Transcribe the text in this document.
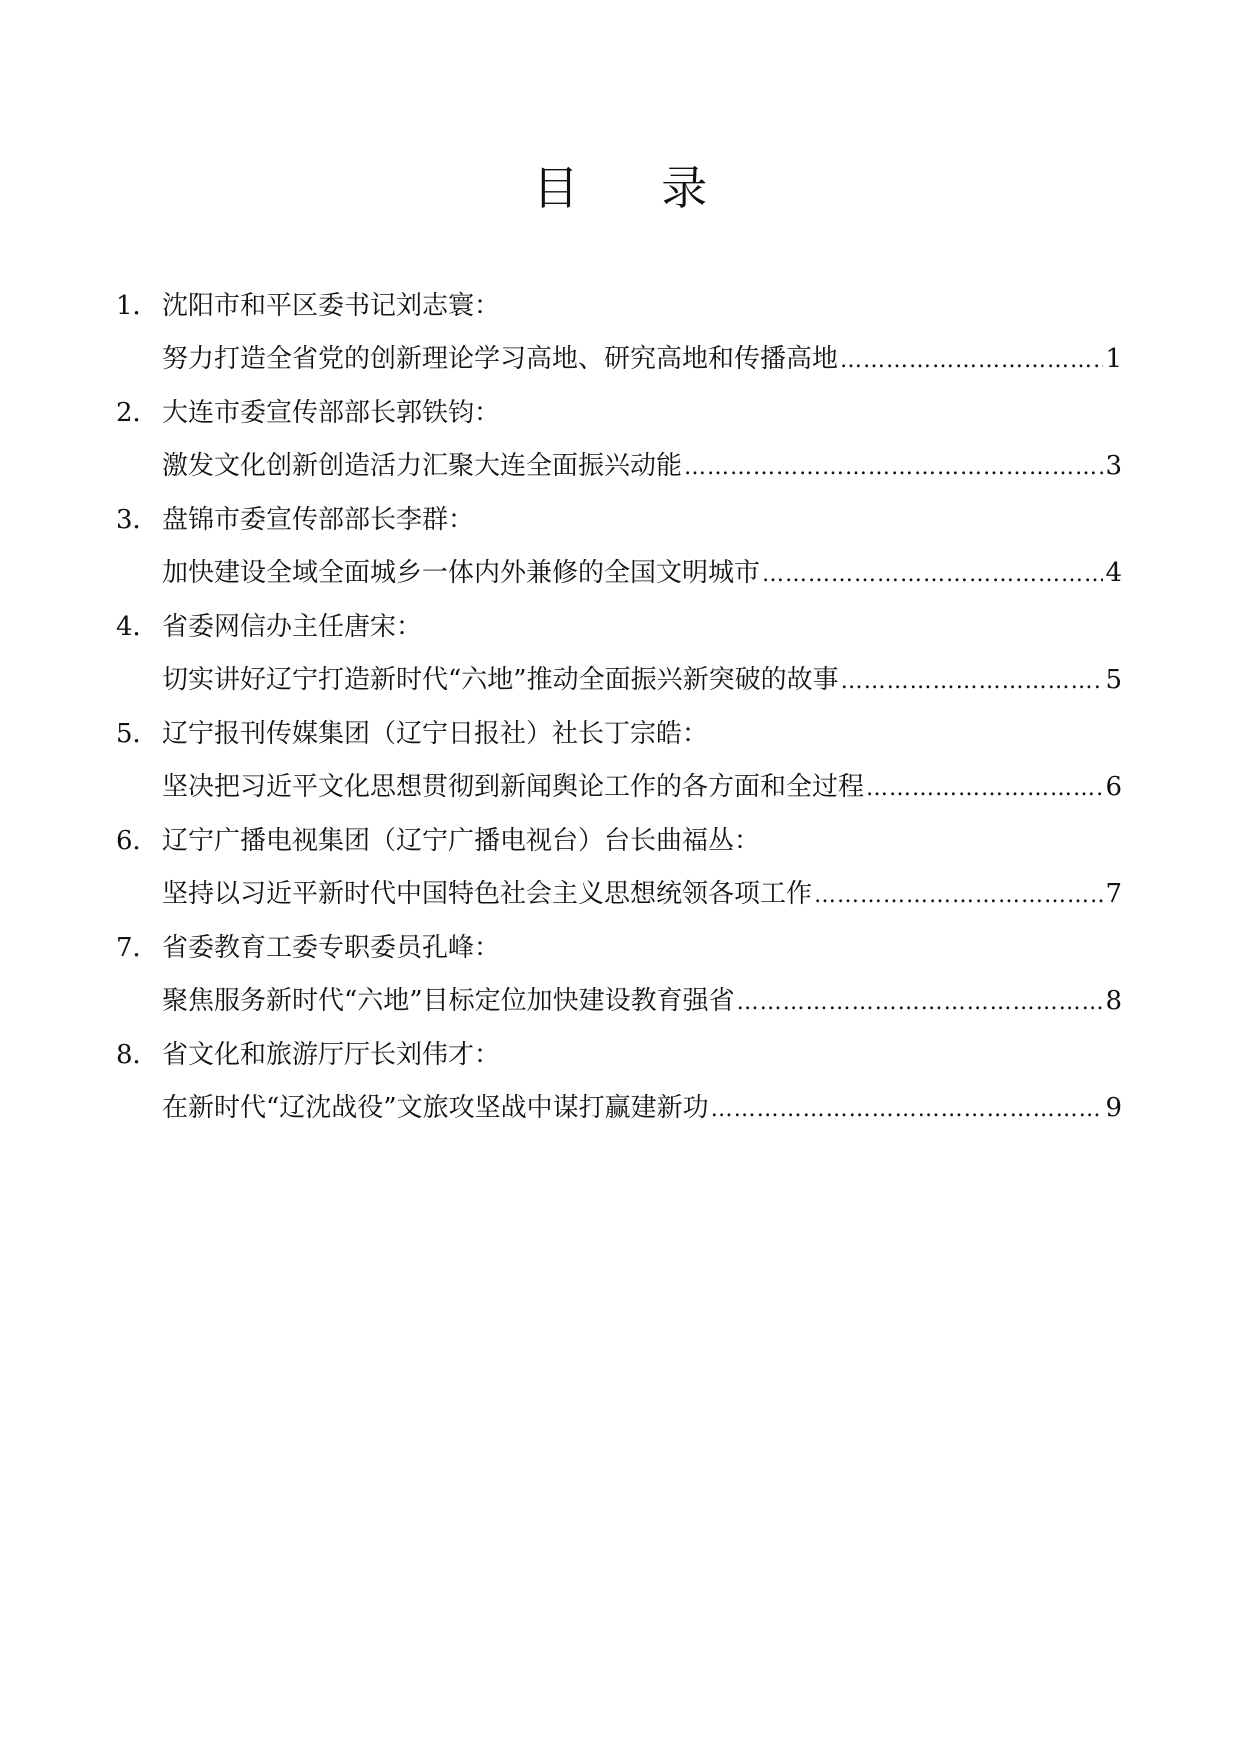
目 录
1． 沈阳市和平区委书记刘志寰：
努力打造全省党的创新理论学习高地、研究高地和传播高地 ……………………………………………………………………………………………………………………………………………………	1
2． 大连市委宣传部部长郭铁钧：
激发文化创新创造活力汇聚大连全面振兴动能 ……………………………………………………………………………………………………………………………………………………	3
3． 盘锦市委宣传部部长李群：
加快建设全域全面城乡一体内外兼修的全国文明城市 ……………………………………………………………………………………………………………………………………………………	4
4． 省委网信办主任唐宋：
切实讲好辽宁打造新时代“六地”推动全面振兴新突破的故事 ……………………………………………………………………………………………………………………………………………………	5
5． 辽宁报刊传媒集团（辽宁日报社）社长丁宗皓：
坚决把习近平文化思想贯彻到新闻舆论工作的各方面和全过程 ……………………………………………………………………………………………………………………………………………………	6
6． 辽宁广播电视集团（辽宁广播电视台）台长曲福丛：
坚持以习近平新时代中国特色社会主义思想统领各项工作 ……………………………………………………………………………………………………………………………………………………	7
7． 省委教育工委专职委员孔峰：
聚焦服务新时代“六地”目标定位加快建设教育强省 ……………………………………………………………………………………………………………………………………………………	8
8． 省文化和旅游厅厅长刘伟才：
在新时代“辽沈战役”文旅攻坚战中谋打赢建新功 ……………………………………………………………………………………………………………………………………………………	9
